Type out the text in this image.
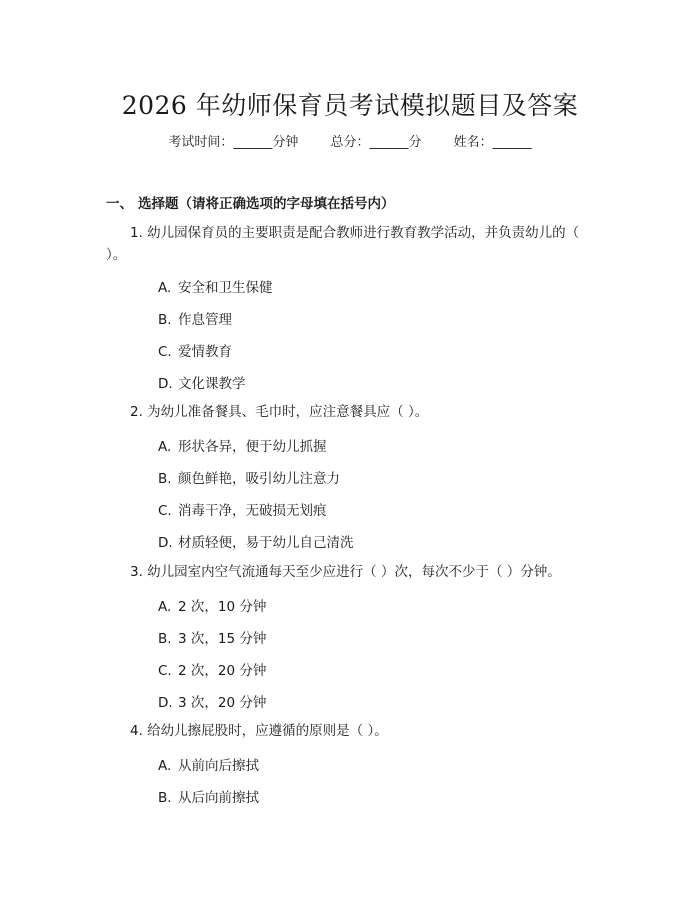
2026 年幼师保育员考试模拟题目及答案
考试时间：______分钟 总分：______分 姓名：______
一、 选择题（请将正确选项的字母填在括号内）
1. 幼儿园保育员的主要职责是配合教师进行教育教学活动，并负责幼儿的（ ）。
A. 安全和卫生保健
B. 作息管理
C. 爱情教育
D. 文化课教学
2. 为幼儿准备餐具、毛巾时，应注意餐具应（ ）。
A. 形状各异，便于幼儿抓握
B. 颜色鲜艳，吸引幼儿注意力
C. 消毒干净，无破损无划痕
D. 材质轻便，易于幼儿自己清洗
3. 幼儿园室内空气流通每天至少应进行（ ）次，每次不少于（ ）分钟。
A. 2 次，10 分钟
B. 3 次，15 分钟
C. 2 次，20 分钟
D. 3 次，20 分钟
4. 给幼儿擦屁股时，应遵循的原则是（ ）。
A. 从前向后擦拭
B. 从后向前擦拭
